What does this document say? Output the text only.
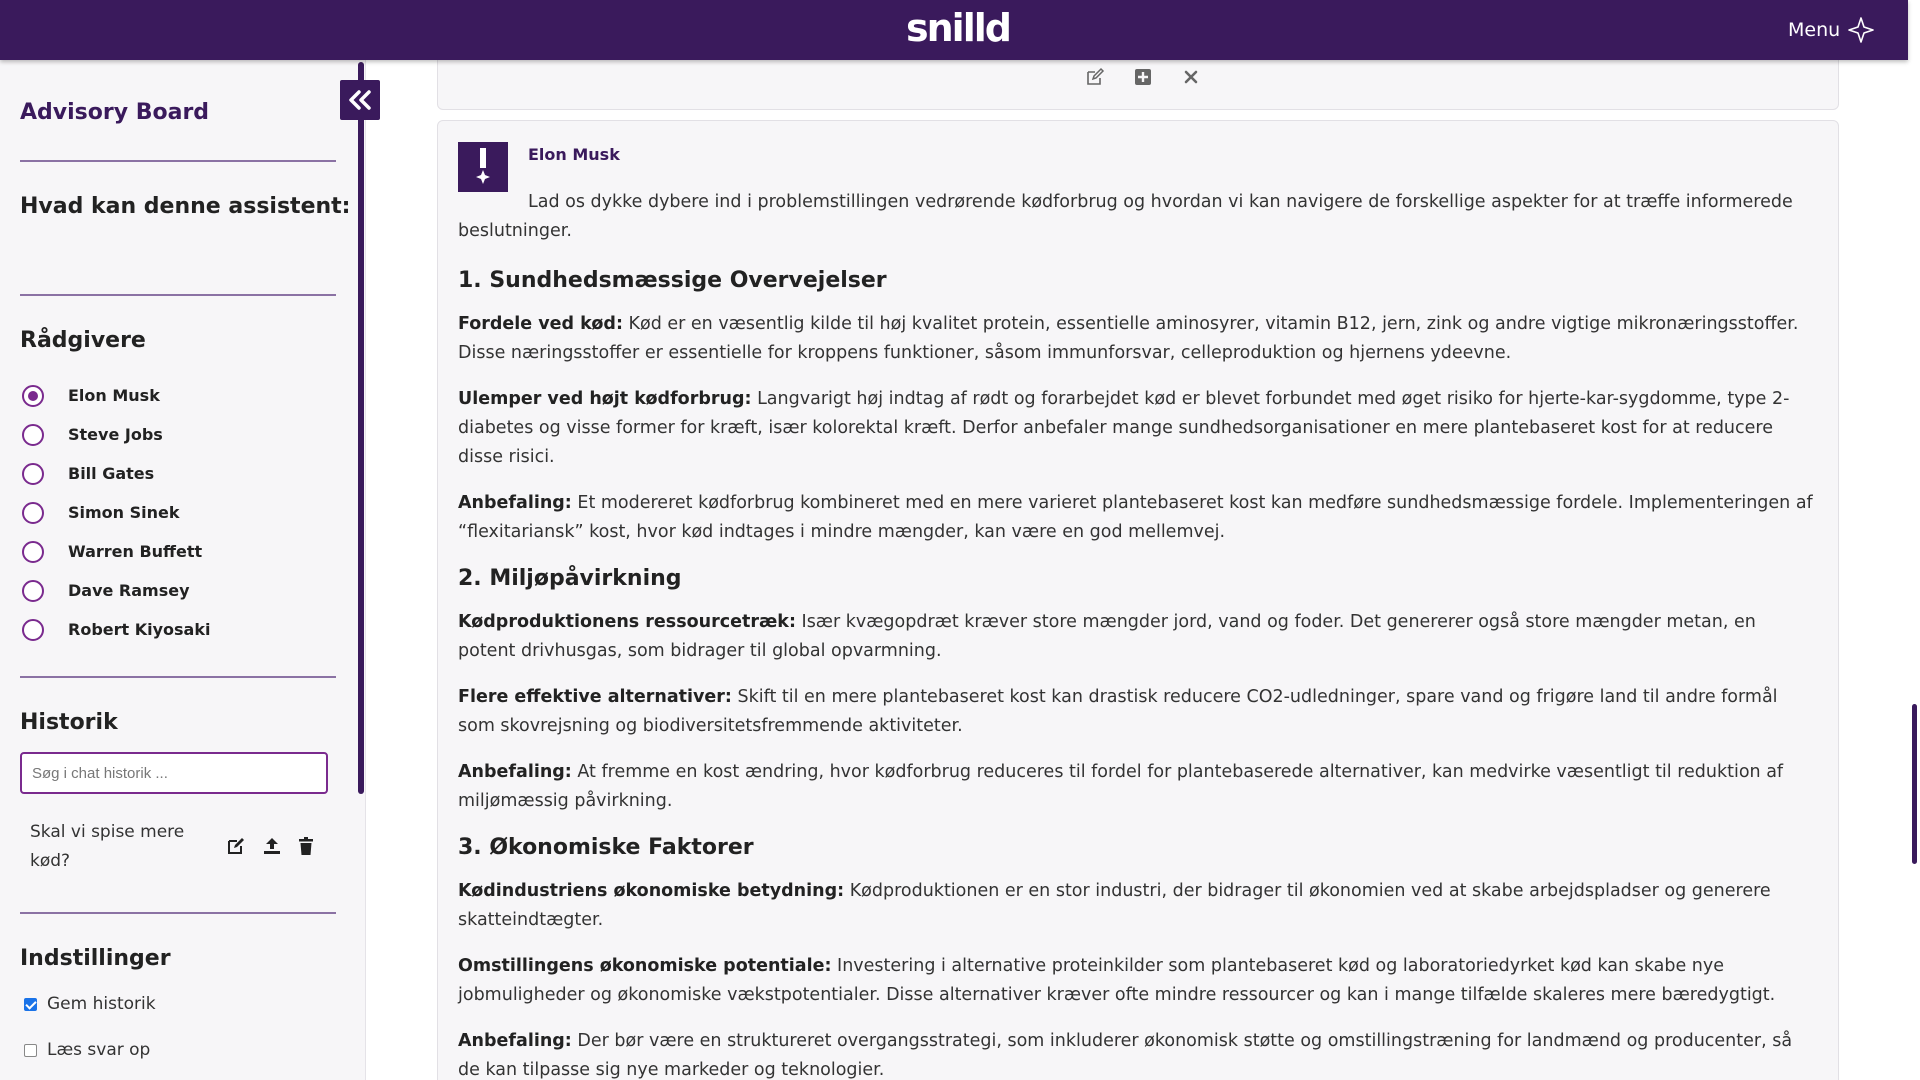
snilld	Menu
Advisory Board
Hvad kan denne assistent:
Rådgivere
Elon Musk
Steve Jobs
Bill Gates
Simon Sinek
Warren Buffett
Dave Ramsey
Robert Kiyosaki
Historik
Søg i chat historik ...
Skal vi spise mere kød?
Indstillinger
Gem historik
Læs svar op
Elon Musk

Lad os dykke dybere ind i problemstillingen vedrørende kødforbrug og hvordan vi kan navigere de forskellige aspekter for at træffe informerede beslutninger.

1. Sundhedsmæssige Overvejelser

Fordele ved kød: Kød er en væsentlig kilde til høj kvalitet protein, essentielle aminosyrer, vitamin B12, jern, zink og andre vigtige mikronæringsstoffer. Disse næringsstoffer er essentielle for kroppens funktioner, såsom immunforsvar, celleproduktion og hjernens ydeevne.

Ulemper ved højt kødforbrug: Langvarigt høj indtag af rødt og forarbejdet kød er blevet forbundet med øget risiko for hjerte-kar-sygdomme, type 2-diabetes og visse former for kræft, især kolorektal kræft. Derfor anbefaler mange sundhedsorganisationer en mere plantebaseret kost for at reducere disse risici.

Anbefaling: Et modereret kødforbrug kombineret med en mere varieret plantebaseret kost kan medføre sundhedsmæssige fordele. Implementeringen af “flexitariansk” kost, hvor kød indtages i mindre mængder, kan være en god mellemvej.

2. Miljøpåvirkning

Kødproduktionens ressourcetræk: Især kvægopdræt kræver store mængder jord, vand og foder. Det genererer også store mængder metan, en potent drivhusgas, som bidrager til global opvarmning.

Flere effektive alternativer: Skift til en mere plantebaseret kost kan drastisk reducere CO2-udledninger, spare vand og frigøre land til andre formål som skovrejsning og biodiversitetsfremmende aktiviteter.

Anbefaling: At fremme en kost ændring, hvor kødforbrug reduceres til fordel for plantebaserede alternativer, kan medvirke væsentligt til reduktion af miljømæssig påvirkning.

3. Økonomiske Faktorer

Kødindustriens økonomiske betydning: Kødproduktionen er en stor industri, der bidrager til økonomien ved at skabe arbejdspladser og generere skatteindtægter.

Omstillingens økonomiske potentiale: Investering i alternative proteinkilder som plantebaseret kød og laboratoriedyrket kød kan skabe nye jobmuligheder og økonomiske vækstpotentialer. Disse alternativer kræver ofte mindre ressourcer og kan i mange tilfælde skaleres mere bæredygtigt.

Anbefaling: Der bør være en struktureret overgangsstrategi, som inkluderer økonomisk støtte og omstillingstræning for landmænd og producenter, så de kan tilpasse sig nye markeder og teknologier.
